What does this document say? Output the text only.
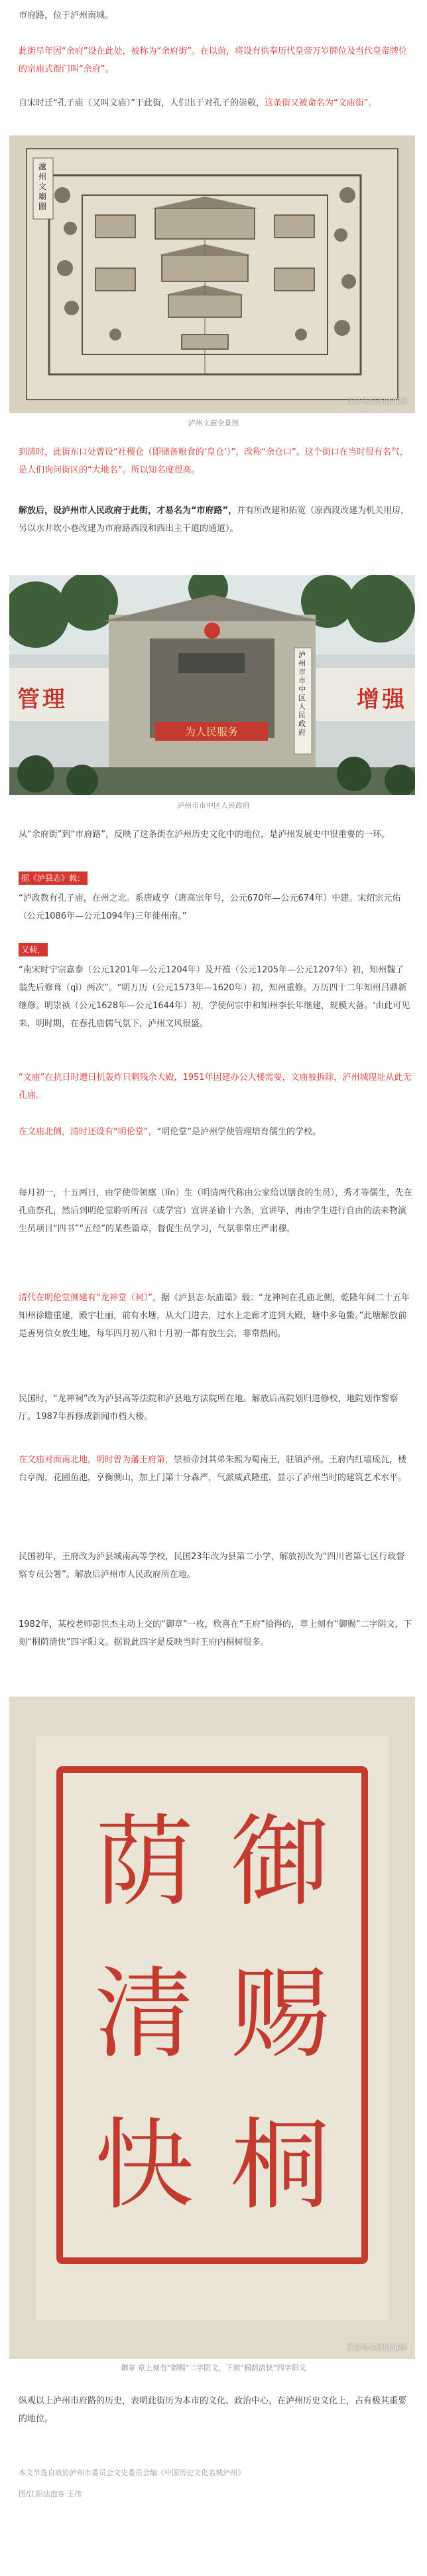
市府路，位于泸州南城。

此街早年因“余府”设在此处，被称为“余府街”。在以前，将设有供奉历代皇帝万岁牌位及当代皇帝牌位的宗庙式衙门叫“余府”。

自宋时迁“孔子庙（又叫文庙）”于此街，人们出于对孔子的崇敬，这条街又被命名为“文庙街”。

瀘州文廟圖
百家号/江阳法泡客
泸州文庙全景图

到清时，此街东口处曾设“社稷仓（即储备粮食的‘皇仓’）”，改称“余仓口”。这个街口在当时很有名气，是人们询问街区的“大地名”。所以知名度很高。

解放后，设泸州市人民政府于此街，才易名为“市府路”，并有所改建和拓宽（原西段改建为机关用房，另以水井坎小巷改建为市府路西段和西出主干道的通道）。

管理	增强
泸州市市中区人民政府
为人民服务
泸州市市中区人民政府

从“余府街”到“市府路”，反映了这条街在泸州历史文化中的地位，是泸州发展史中很重要的一环。

据《泸县志》载：

“泸政教有孔子庙，在州之北。系唐咸亨（唐高宗年号，公元670年—公元674年）中建。宋绍宗元佑（公元1086年—公元1094年)三年徙州南。”

又载，

“南宋时宁宗嘉泰（公元1201年—公元1204年）及开禧（公元1205年—公元1207年）初，知州魏了翁先后修葺（qì）两次”。“明万历（公元1573年—1620年）初，知州重修。万历四十二年知州吕鼎新继修。明崇祯（公元1628年—公元1644年）初，学使何宗中和知州李长年继建，规模大备。‘由此可见来，明时期，在春孔庙儒气氛下，泸州文风很盛。

“文庙”在抗日时遭日机轰炸只剩残余大殿，1951年因建办公大楼需要，文庙被拆除，泸州城隍址从此无孔庙。

在文庙北侧，清时还设有“明伦堂”，“明伦堂”是泸州学使管理培育儒生的学校。

每月初一，十五两日，由学使带领廪（lǐn）生（明清两代称由公家给以膳食的生员），秀才等儒生，先在孔庙祭孔，然后到明伦堂聆听所召（或学官）宣讲圣谕十六条，宣讲毕，再由学生进行自由的法来物演生员项目“四书”“五经”的某些篇章，督促生员学习，气氛非常庄严肃穆。

清代在明伦堂侧建有“龙神堂（祠）”，据《泸县志·坛庙篇》载：“龙神祠在孔庙北侧，乾隆年间二十五年知州徐瞻重建，殿宇壮丽，前有水塘，从大门进去，过水上走廊才进到大殿，塘中多龟鳖。”此塘解放前是善男信女放生地，每年四月初八和十月初一都有放生会，非常热闹。

民国时，“龙神祠”改为泸县高等法院和泸县地方法院所在地。解放后高院划归进修校，地院划作警察厅。1987年拆修成新闻市档大楼。

在文庙对面南北地，明时曾为藩王府第，崇祯帝封其弟朱熙为蜀南王，驻镇泸州。王府内红墙琉瓦，楼台亭阁，花圃鱼池，亨衡侧山，加上门第十分森严，气派威武隆重，显示了泸州当时的建筑艺术水平。

民国初年，王府改为泸县城南高等学校，民国23年改为县第二小学，解放初改为“四川省第七区行政督察专员公署”。解放后泸州市人民政府所在地。

1982年，某校老师彭世杰主动上交的“御章”一枚，欣喜在“王府”拾得的，章上刻有“御赐”二字阴文，下刻“桐荫清快”四字阳文。据说此四字是反映当时王府内桐树很多。

御
赐
桐
荫
清
快
百家号/江阳法泡客
御章 章上刻有“御赐”二字阴文，下刻“桐荫清快”四字阳文

纵观以上泸州市府路的历史，表明此街历为本市的文化、政治中心，在泸州历史文化上，占有极其重要的地位。

本文节选自政协泸州市委员会文史委员会编《中国历史文化名城泸州》
图/江阳法泡客 王伟
